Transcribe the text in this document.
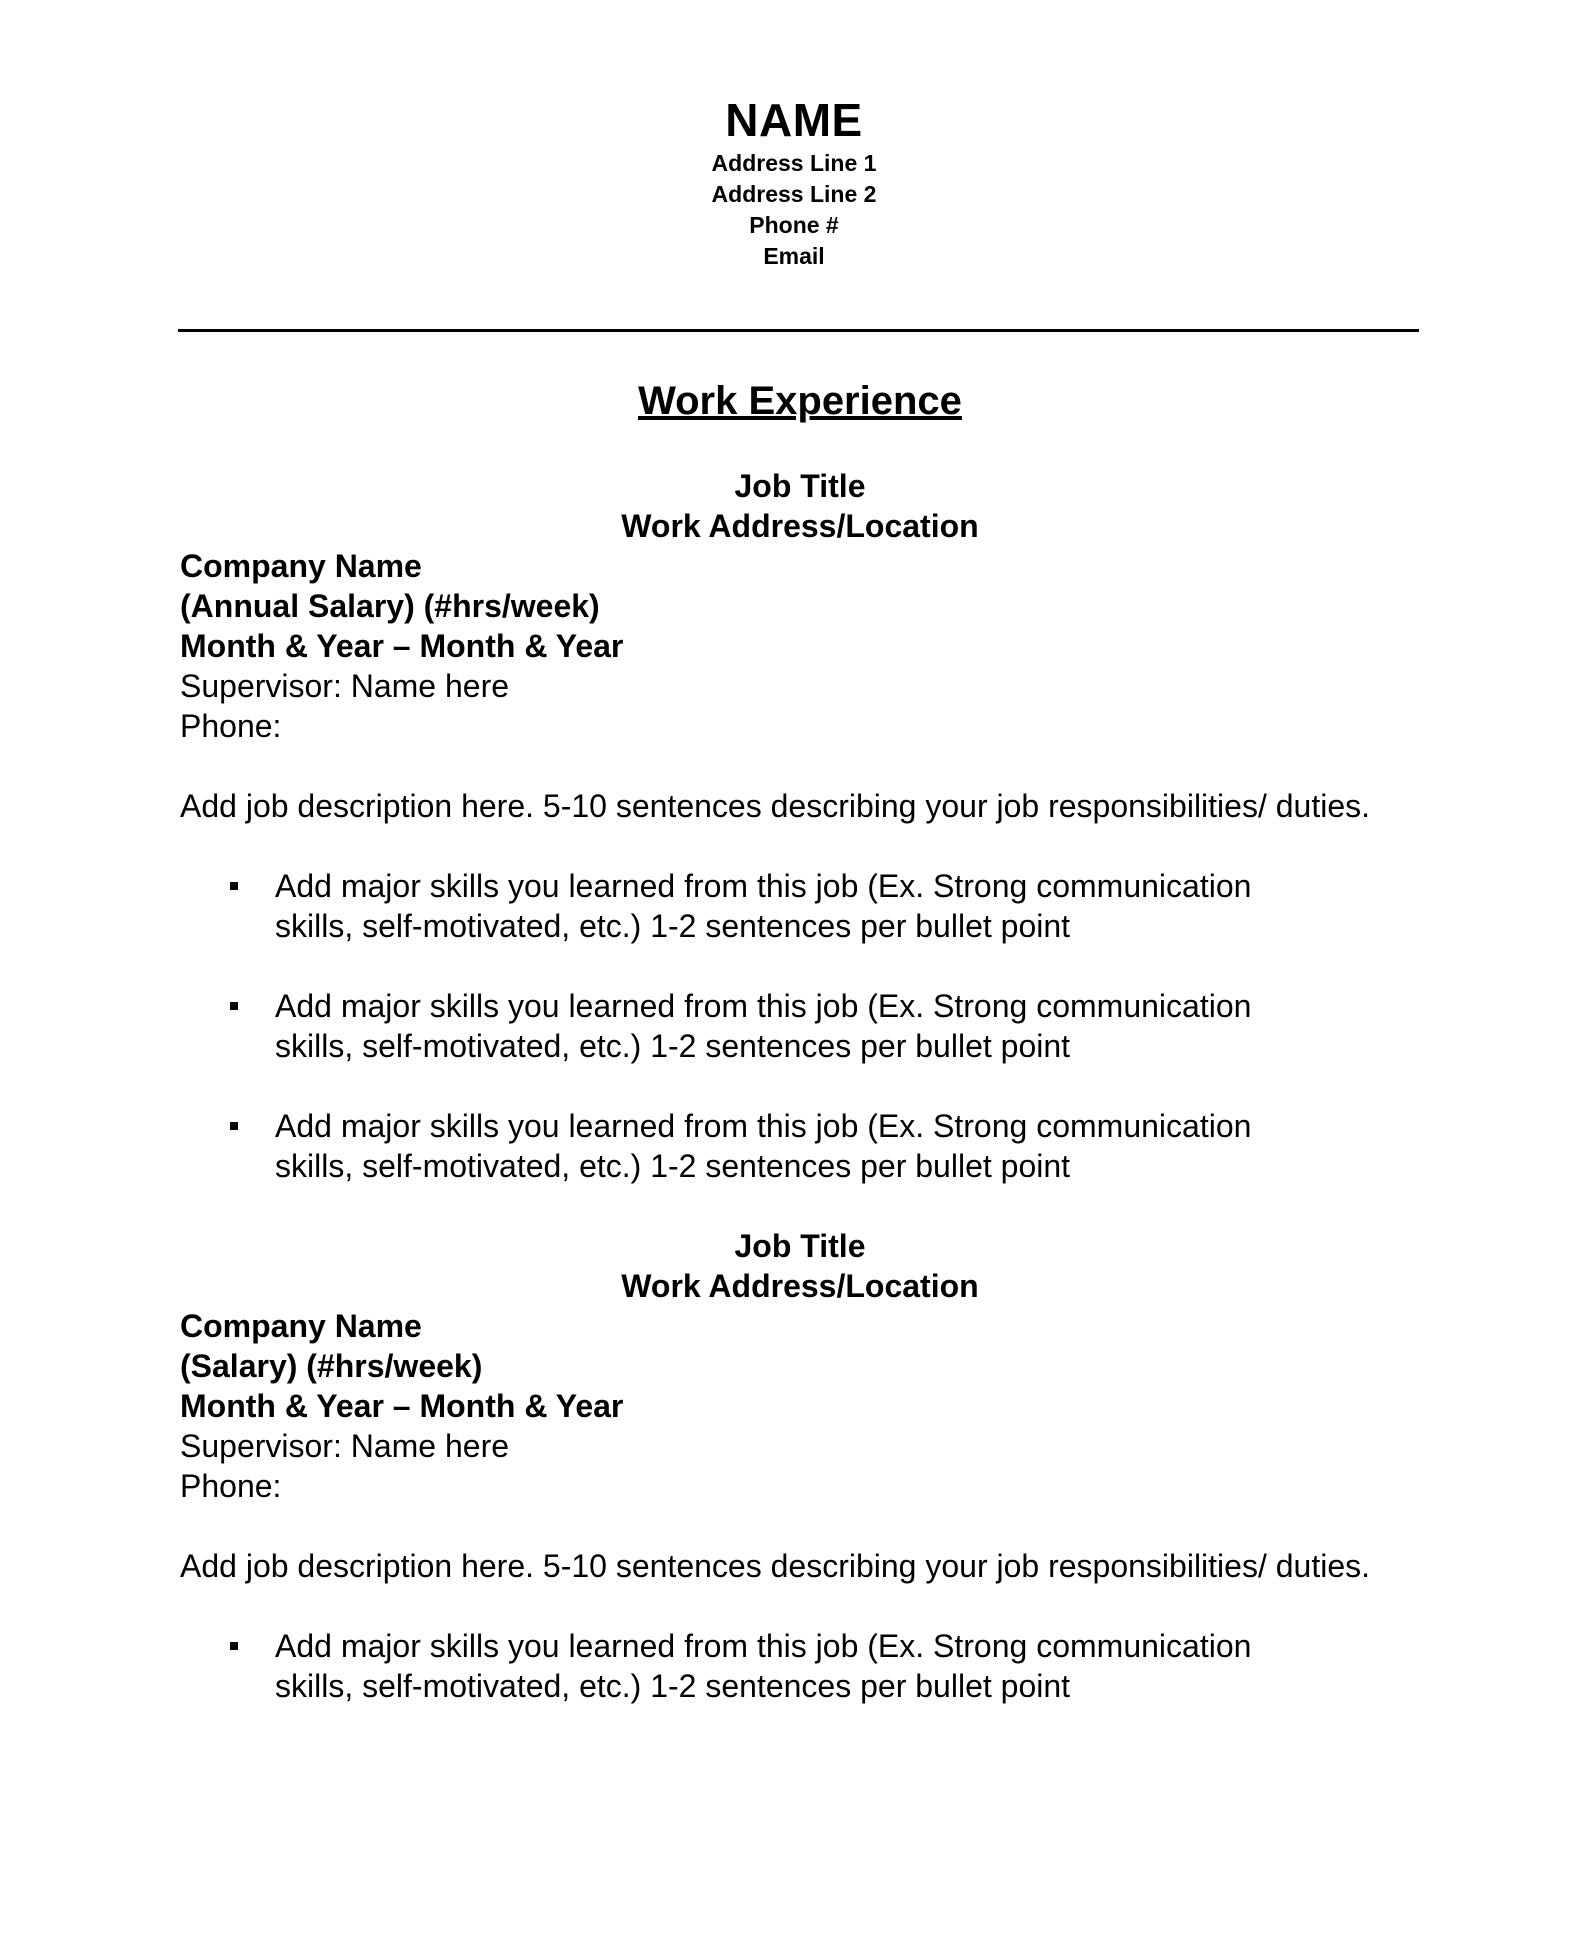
NAME
Address Line 1
Address Line 2
Phone #
Email
Work Experience
Job Title
Work Address/Location
Company Name
(Annual Salary) (#hrs/week)
Month & Year – Month & Year
Supervisor: Name here
Phone:
Add job description here. 5-10 sentences describing your job responsibilities/ duties.
Add major skills you learned from this job (Ex. Strong communication skills, self-motivated, etc.) 1-2 sentences per bullet point
Add major skills you learned from this job (Ex. Strong communication skills, self-motivated, etc.) 1-2 sentences per bullet point
Add major skills you learned from this job (Ex. Strong communication skills, self-motivated, etc.) 1-2 sentences per bullet point
Job Title
Work Address/Location
Company Name
(Salary) (#hrs/week)
Month & Year – Month & Year
Supervisor: Name here
Phone:
Add job description here. 5-10 sentences describing your job responsibilities/ duties.
Add major skills you learned from this job (Ex. Strong communication skills, self-motivated, etc.) 1-2 sentences per bullet point
